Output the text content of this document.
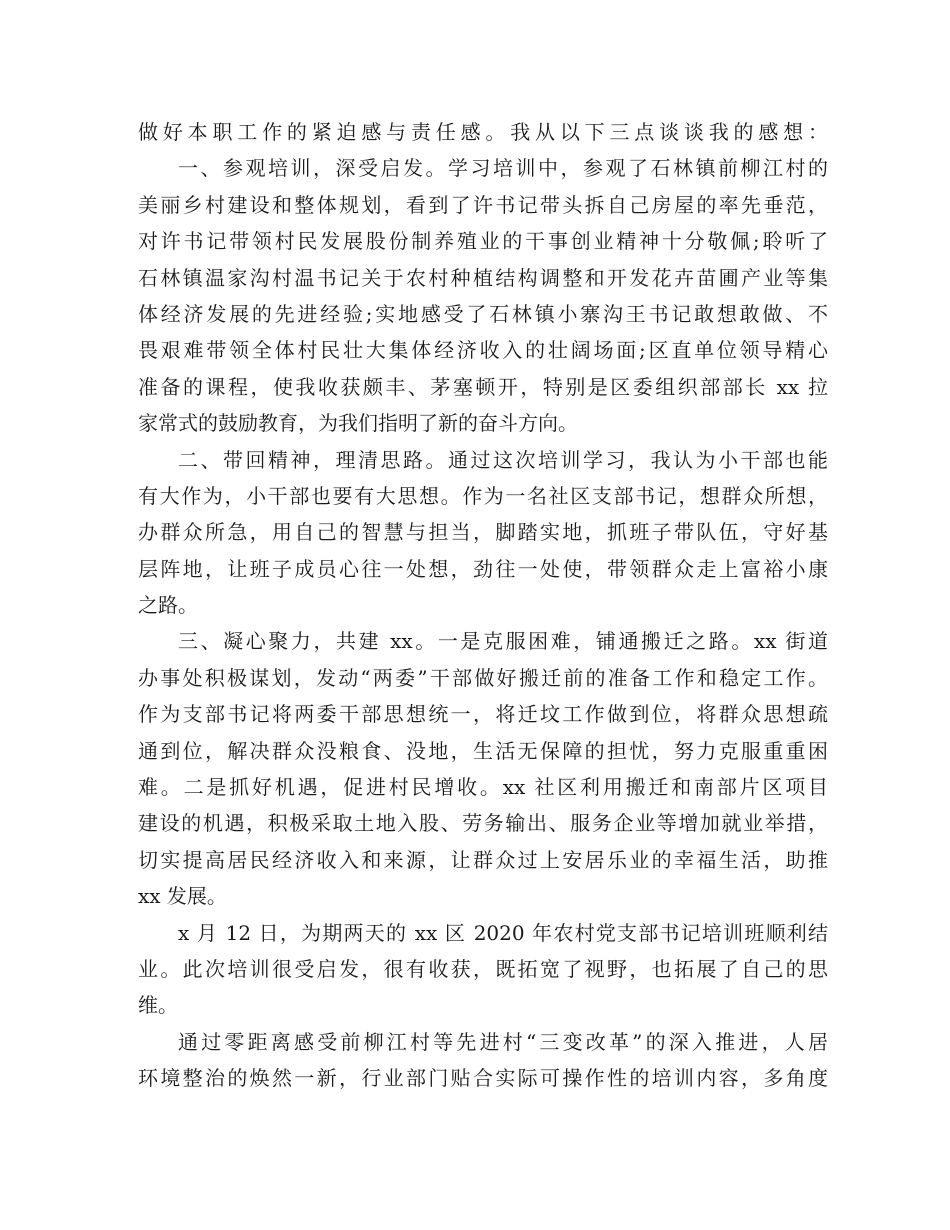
做好本职工作的紧迫感与责任感。我从以下三点谈谈我的感想：
一、参观培训，深受启发。学习培训中，参观了石林镇前柳江村的
美丽乡村建设和整体规划，看到了许书记带头拆自己房屋的率先垂范，
对许书记带领村民发展股份制养殖业的干事创业精神十分敬佩;聆听了
石林镇温家沟村温书记关于农村种植结构调整和开发花卉苗圃产业等集
体经济发展的先进经验;实地感受了石林镇小寨沟王书记敢想敢做、不
畏艰难带领全体村民壮大集体经济收入的壮阔场面;区直单位领导精心
准备的课程，使我收获颇丰、茅塞顿开，特别是区委组织部部长 xx 拉
家常式的鼓励教育，为我们指明了新的奋斗方向。
二、带回精神，理清思路。通过这次培训学习，我认为小干部也能
有大作为，小干部也要有大思想。作为一名社区支部书记，想群众所想，
办群众所急，用自己的智慧与担当，脚踏实地，抓班子带队伍，守好基
层阵地，让班子成员心往一处想，劲往一处使，带领群众走上富裕小康
之路。
三、凝心聚力，共建 xx。一是克服困难，铺通搬迁之路。xx 街道
办事处积极谋划，发动“两委”干部做好搬迁前的准备工作和稳定工作。
作为支部书记将两委干部思想统一，将迁坟工作做到位，将群众思想疏
通到位，解决群众没粮食、没地，生活无保障的担忧，努力克服重重困
难。二是抓好机遇，促进村民增收。xx 社区利用搬迁和南部片区项目
建设的机遇，积极采取土地入股、劳务输出、服务企业等增加就业举措，
切实提高居民经济收入和来源，让群众过上安居乐业的幸福生活，助推
xx 发展。
x 月 12 日，为期两天的 xx 区 2020 年农村党支部书记培训班顺利结
业。此次培训很受启发，很有收获，既拓宽了视野，也拓展了自己的思
维。
通过零距离感受前柳江村等先进村“三变改革”的深入推进，人居
环境整治的焕然一新，行业部门贴合实际可操作性的培训内容，多角度
